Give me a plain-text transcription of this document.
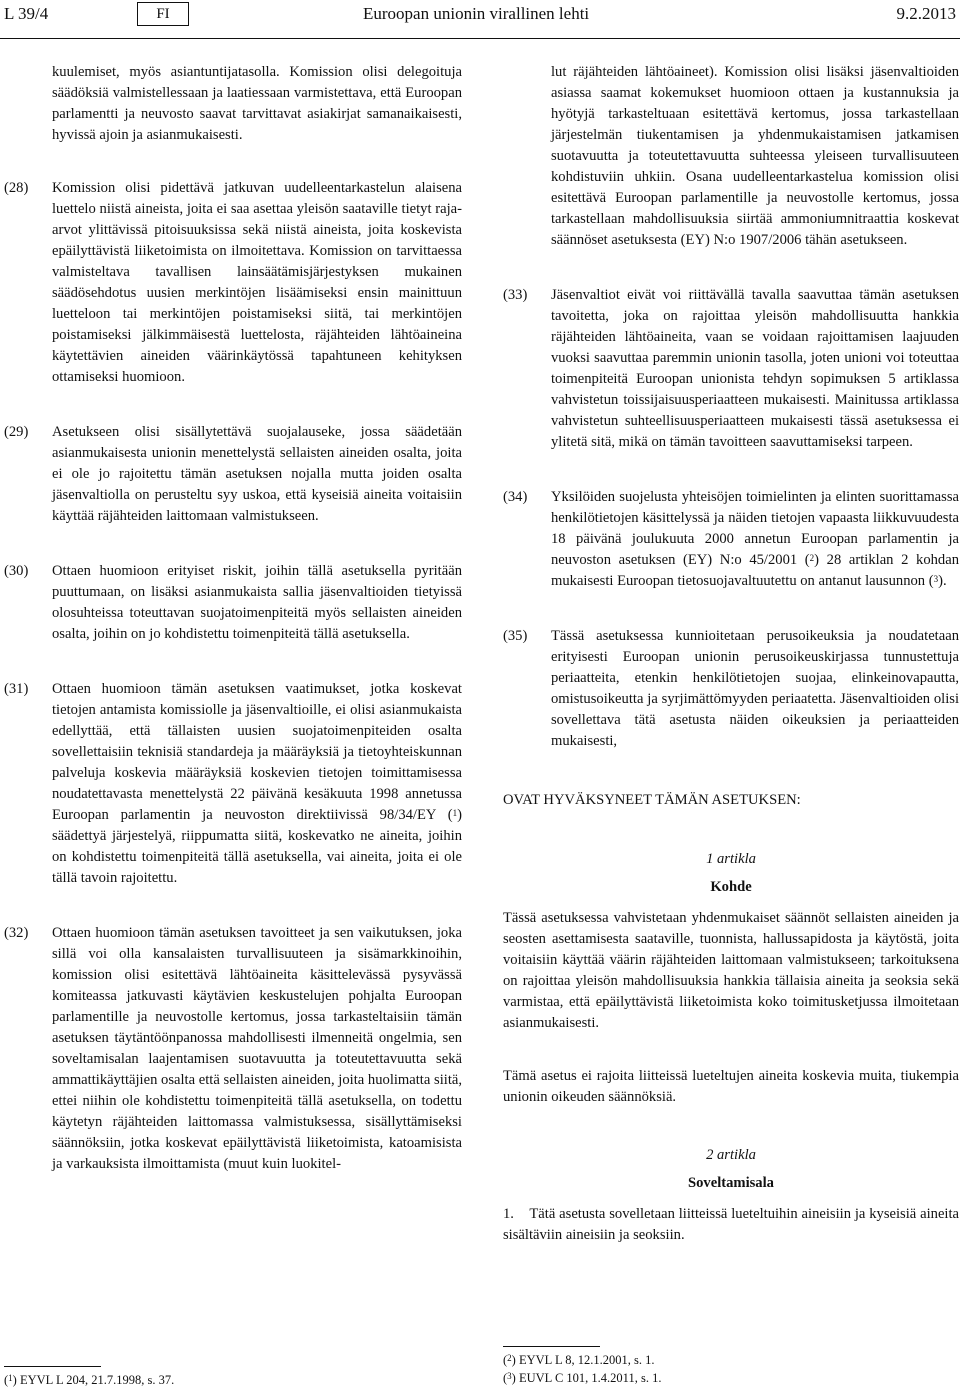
L 39/4	FI	Euroopan unionin virallinen lehti	9.2.2013

kuulemiset, myös asiantuntijatasolla. Komission olisi delegoituja säädöksiä valmistellessaan ja laatiessaan varmistettava, että Euroopan parlamentti ja neuvosto saavat tarvittavat asiakirjat samanaikaisesti, hyvissä ajoin ja asianmukaisesti.

(28)	Komission olisi pidettävä jatkuvan uudelleentarkastelun alaisena luettelo niistä aineista, joita ei saa asettaa yleisön saataville tietyt raja-arvot ylittävissä pitoisuuksissa sekä niistä aineista, joita koskevista epäilyttävistä liiketoimista on ilmoitettava. Komission on tarvittaessa valmisteltava tavallisen lainsäätämisjärjestyksen mukainen säädösehdotus uusien merkintöjen lisäämiseksi ensin mainittuun luetteloon tai merkintöjen poistamiseksi siitä, tai merkintöjen poistamiseksi jälkimmäisestä luettelosta, räjähteiden lähtöaineina käytettävien aineiden väärinkäytössä tapahtuneen kehityksen ottamiseksi huomioon.
(29)	Asetukseen olisi sisällytettävä suojalauseke, jossa säädetään asianmukaisesta unionin menettelystä sellaisten aineiden osalta, joita ei ole jo rajoitettu tämän asetuksen nojalla mutta joiden osalta jäsenvaltiolla on perusteltu syy uskoa, että kyseisiä aineita voitaisiin käyttää räjähteiden laittomaan valmistukseen.
(30)	Ottaen huomioon erityiset riskit, joihin tällä asetuksella pyritään puuttumaan, on lisäksi asianmukaista sallia jäsenvaltioiden tietyissä olosuhteissa toteuttavan suojatoimenpiteitä myös sellaisten aineiden osalta, joihin on jo kohdistettu toimenpiteitä tällä asetuksella.
(31)	Ottaen huomioon tämän asetuksen vaatimukset, jotka koskevat tietojen antamista komissiolle ja jäsenvaltioille, ei olisi asianmukaista edellyttää, että tällaisten uusien suojatoimenpiteiden osalta sovellettaisiin teknisiä standardeja ja määräyksiä ja tietoyhteiskunnan palveluja koskevia määräyksiä koskevien tietojen toimittamisessa noudatettavasta menettelystä 22 päivänä kesäkuuta 1998 annetussa Euroopan parlamentin ja neuvoston direktiivissä 98/34/EY ($^1$) säädettyä järjestelyä, riippumatta siitä, koskevatko ne aineita, joihin on kohdistettu toimenpiteitä tällä asetuksella, vai aineita, joita ei ole tällä tavoin rajoitettu.
(32)	Ottaen huomioon tämän asetuksen tavoitteet ja sen vaikutuksen, joka sillä voi olla kansalaisten turvallisuuteen ja sisämarkkinoihin, komission olisi esitettävä lähtöaineita käsittelevässä pysyvässä komiteassa jatkuvasti käytävien keskustelujen pohjalta Euroopan parlamentille ja neuvostolle kertomus, jossa tarkasteltaisiin tämän asetuksen täytäntöönpanossa mahdollisesti ilmenneitä ongelmia, sen soveltamisalan laajentamisen suotavuutta ja toteutettavuutta sekä ammattikäyttäjien osalta että sellaisten aineiden, joita huolimatta siitä, ettei niihin ole kohdistettu toimenpiteitä tällä asetuksella, on todettu käytetyn räjähteiden laittomassa valmistuksessa, sisällyttämiseksi säännöksiin, jotka koskevat epäilyttävistä liiketoimista, katoamisista ja varkauksista ilmoittamista (muut kuin luokitel-
($^1$) EYVL L 204, 21.7.1998, s. 37.

lut räjähteiden lähtöaineet). Komission olisi lisäksi jäsenvaltioiden asiassa saamat kokemukset huomioon ottaen ja kustannuksia ja hyötyjä tarkasteltuaan esitettävä kertomus, jossa tarkastellaan järjestelmän tiukentamisen ja yhdenmukaistamisen jatkamisen suotavuutta ja toteutettavuutta suhteessa yleiseen turvallisuuteen kohdistuviin uhkiin. Osana uudelleentarkastelua komission olisi esitettävä Euroopan parlamentille ja neuvostolle kertomus, jossa tarkastellaan mahdollisuuksia siirtää ammoniumnitraattia koskevat säännöset asetuksesta (EY) N:o 1907/2006 tähän asetukseen.

(33)	Jäsenvaltiot eivät voi riittävällä tavalla saavuttaa tämän asetuksen tavoitetta, joka on rajoittaa yleisön mahdollisuutta hankkia räjähteiden lähtöaineita, vaan se voidaan rajoittamisen laajuuden vuoksi saavuttaa paremmin unionin tasolla, joten unioni voi toteuttaa toimenpiteitä Euroopan unionista tehdyn sopimuksen 5 artiklassa vahvistetun toissijaisuusperiaatteen mukaisesti. Mainitussa artiklassa vahvistetun suhteellisuusperiaatteen mukaisesti tässä asetuksessa ei ylitetä sitä, mikä on tämän tavoitteen saavuttamiseksi tarpeen.
(34)	Yksilöiden suojelusta yhteisöjen toimielinten ja elinten suorittamassa henkilötietojen käsittelyssä ja näiden tietojen vapaasta liikkuvuudesta 18 päivänä joulukuuta 2000 annetun Euroopan parlamentin ja neuvoston asetuksen (EY) N:o 45/2001 ($^2$) 28 artiklan 2 kohdan mukaisesti Euroopan tietosuojavaltuutettu on antanut lausunnon ($^3$).
(35)	Tässä asetuksessa kunnioitetaan perusoikeuksia ja noudatetaan erityisesti Euroopan unionin perusoikeuskirjassa tunnustettuja periaatteita, etenkin henkilötietojen suojaa, elinkeinovapautta, omistusoikeutta ja syrjimättömyyden periaatetta. Jäsenvaltioiden olisi sovellettava tätä asetusta näiden oikeuksien ja periaatteiden mukaisesti,

OVAT HYVÄKSYNEET TÄMÄN ASETUKSEN:

1 artikla

Kohde

Tässä asetuksessa vahvistetaan yhdenmukaiset säännöt sellaisten aineiden ja seosten asettamisesta saataville, tuonnista, hallussapidosta ja käytöstä, joita voitaisiin käyttää väärin räjähteiden laittomaan valmistukseen; tarkoituksena on rajoittaa yleisön mahdollisuuksia hankkia tällaisia aineita ja seoksia sekä varmistaa, että epäilyttävistä liiketoimista koko toimitusketjussa ilmoitetaan asianmukaisesti.

Tämä asetus ei rajoita liitteissä lueteltujen aineita koskevia muita, tiukempia unionin oikeuden säännöksiä.

2 artikla

Soveltamisala

1. Tätä asetusta sovelletaan liitteissä lueteltuihin aineisiin ja kyseisiä aineita sisältäviin aineisiin ja seoksiin.

($^2$) EYVL L 8, 12.1.2001, s. 1.
($^3$) EUVL C 101, 1.4.2011, s. 1.
